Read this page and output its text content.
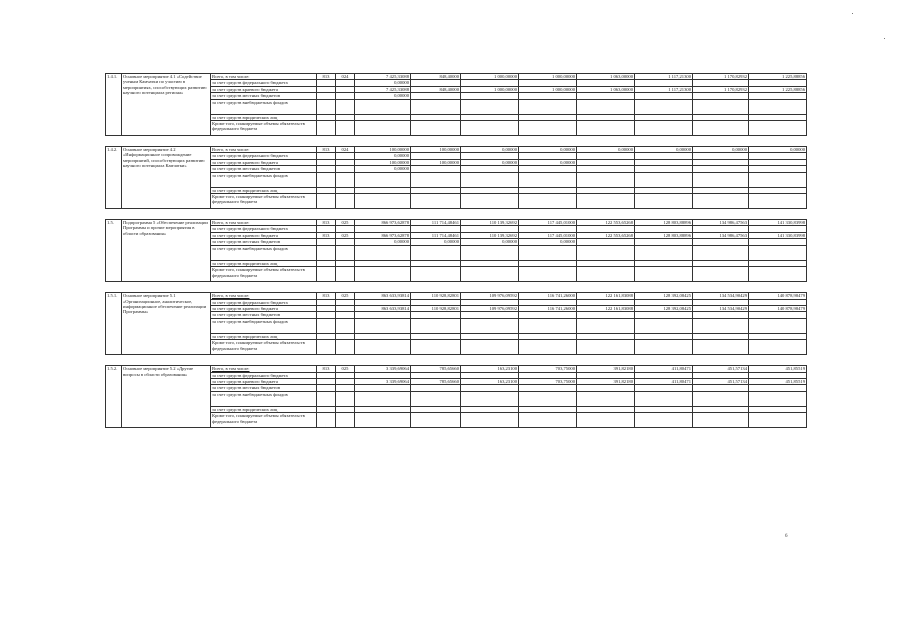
1.4.1.	Основное мероприятие 4.1 «Содействие ученым Камчатки по участию в мероприятиях, способствующих развитию научного потенциала региона»	Всего, в том числе:	813	024	7 425,33088	848,40000	1 000,00000	1 000,00000	1 063,00000	1 117,21300	1 170,82932	1 225,88856
		за счет средств федерального бюджета			0,00000							
		за счет средств краевого бюджета			7 425,33088	848,40000	1 000,00000	1 000,00000	1 063,00000	1 117,21300	1 170,82932	1 225,88856
		за счет средств местных бюджетов			0,00000							
		за счет средств внебюджетных фондов										
		за счет средств юридических лиц										
		Кроме того, планируемые объемы обязательств федерального бюджета										

1.4.2.	Основное мероприятие 4.2 «Информационное сопровождение мероприятий, способствующих развитию научного потенциала Камчатки»	Всего, в том числе:	813	024	100,00000	100,00000	0,00000	0,00000	0,00000	0,00000	0,00000	0,00000
		за счет средств федерального бюджета			0,00000							
		за счет средств краевого бюджета			100,00000	100,00000	0,00000	0,00000				
		за счет средств местных бюджетов			0,00000							
		за счет средств внебюджетных фондов										
		за счет средств юридических лиц										
		Кроме того, планируемые объемы обязательств федерального бюджета										

1.5.	Подпрограмма 5 «Обеспечение реализации Программы и прочие мероприятия в области образования»	Всего, в том числе:	813	025	866 973,62878	111 714,48461	110 139,32692	117 445,01000	122 553,65268	128 803,88896	134 986,47563	141 330,83998
		за счет средств федерального бюджета										
		за счет средств краевого бюджета	813	025	866 973,62878	111 714,48461	110 139,32692	117 445,01000	122 553,65268	128 803,88896	134 986,47563	141 330,83998
		за счет средств местных бюджетов			0,00000	0,00000	0,00000	0,00000				
		за счет средств внебюджетных фондов										
		за счет средств юридических лиц										
		Кроме того, планируемые объемы обязательств федерального бюджета										

1.5.1.	Основное мероприятие 5.1 «Организационное, аналитическое, информационное обеспечение реализации Программы»	Всего, в том числе:	813	025	863 633,93814	110 928,82801	109 976,09592	116 741,26000	122 161,83088	128 392,08425	134 534,90429	140 878,98479
		за счет средств федерального бюджета										
		за счет средств краевого бюджета			863 633,93814	110 928,82801	109 976,09592	116 741,26000	122 161,83088	128 392,08425	134 534,90429	140 878,98479
		за счет средств местных бюджетов										
		за счет средств внебюджетных фондов										
		за счет средств юридических лиц										
		Кроме того, планируемые объемы обязательств федерального бюджета										

1.5.2.	Основное мероприятие 5.2 «Другие вопросы в области образования»	Всего, в том числе:	813	025	3 339,69064	785,65660	163,23100	703,75000	391,82180	411,80471	451,57134	451,85519
		за счет средств федерального бюджета										
		за счет средств краевого бюджета			3 339,69064	785,65660	163,23100	703,75000	391,82180	411,80471	451,57134	451,85519
		за счет средств местных бюджетов										
		за счет средств внебюджетных фондов										
		за счет средств юридических лиц										
		Кроме того, планируемые объемы обязательств федерального бюджета										
6
